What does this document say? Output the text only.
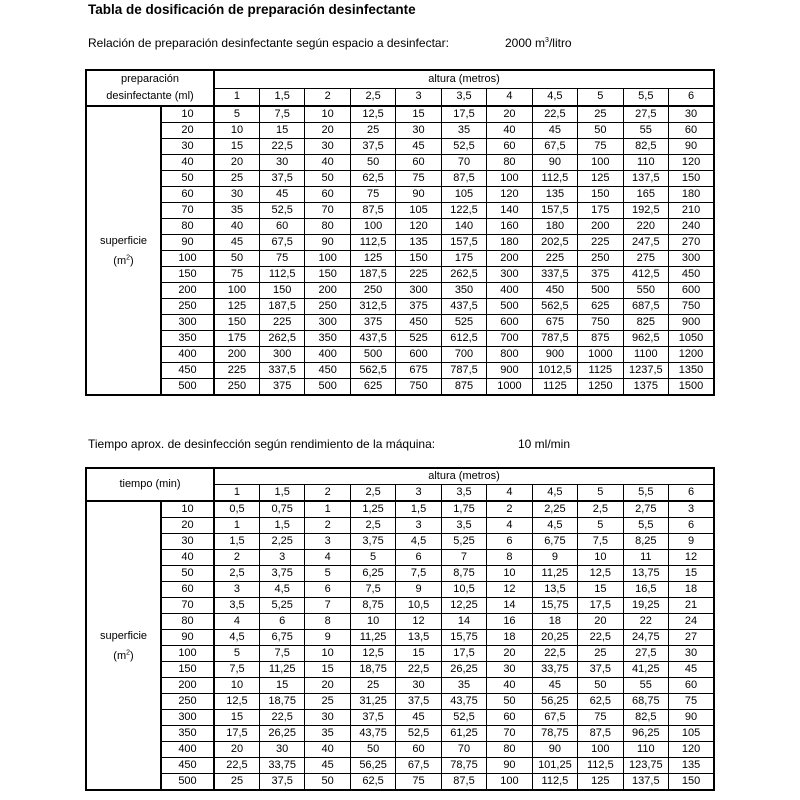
Tabla de dosificación de preparación desinfectante
Relación de preparación desinfectante según espacio a desinfectar:	2000 $m^3$/litro
preparación
desinfectante (ml)		altura (metros)										
		1	1,5	2	2,5	3	3,5	4	4,5	5	5,5	6

superficie
$(m^2)$	10	5	7,5	10	12,5	15	17,5	20	22,5	25	27,5	30
	20	10	15	20	25	30	35	40	45	50	55	60
	30	15	22,5	30	37,5	45	52,5	60	67,5	75	82,5	90
	40	20	30	40	50	60	70	80	90	100	110	120
	50	25	37,5	50	62,5	75	87,5	100	112,5	125	137,5	150
	60	30	45	60	75	90	105	120	135	150	165	180
	70	35	52,5	70	87,5	105	122,5	140	157,5	175	192,5	210
	80	40	60	80	100	120	140	160	180	200	220	240
	90	45	67,5	90	112,5	135	157,5	180	202,5	225	247,5	270
	100	50	75	100	125	150	175	200	225	250	275	300
	150	75	112,5	150	187,5	225	262,5	300	337,5	375	412,5	450
	200	100	150	200	250	300	350	400	450	500	550	600
	250	125	187,5	250	312,5	375	437,5	500	562,5	625	687,5	750
	300	150	225	300	375	450	525	600	675	750	825	900
	350	175	262,5	350	437,5	525	612,5	700	787,5	875	962,5	1050
	400	200	300	400	500	600	700	800	900	1000	1100	1200
	450	225	337,5	450	562,5	675	787,5	900	1012,5	1125	1237,5	1350
	500	250	375	500	625	750	875	1000	1125	1250	1375	1500
Tiempo aprox. de desinfección según rendimiento de la máquina:	10 ml/min
tiempo (min)		altura (metros)										
		1	1,5	2	2,5	3	3,5	4	4,5	5	5,5	6

superficie
$(m^2)$	10	0,5	0,75	1	1,25	1,5	1,75	2	2,25	2,5	2,75	3
	20	1	1,5	2	2,5	3	3,5	4	4,5	5	5,5	6
	30	1,5	2,25	3	3,75	4,5	5,25	6	6,75	7,5	8,25	9
	40	2	3	4	5	6	7	8	9	10	11	12
	50	2,5	3,75	5	6,25	7,5	8,75	10	11,25	12,5	13,75	15
	60	3	4,5	6	7,5	9	10,5	12	13,5	15	16,5	18
	70	3,5	5,25	7	8,75	10,5	12,25	14	15,75	17,5	19,25	21
	80	4	6	8	10	12	14	16	18	20	22	24
	90	4,5	6,75	9	11,25	13,5	15,75	18	20,25	22,5	24,75	27
	100	5	7,5	10	12,5	15	17,5	20	22,5	25	27,5	30
	150	7,5	11,25	15	18,75	22,5	26,25	30	33,75	37,5	41,25	45
	200	10	15	20	25	30	35	40	45	50	55	60
	250	12,5	18,75	25	31,25	37,5	43,75	50	56,25	62,5	68,75	75
	300	15	22,5	30	37,5	45	52,5	60	67,5	75	82,5	90
	350	17,5	26,25	35	43,75	52,5	61,25	70	78,75	87,5	96,25	105
	400	20	30	40	50	60	70	80	90	100	110	120
	450	22,5	33,75	45	56,25	67,5	78,75	90	101,25	112,5	123,75	135
	500	25	37,5	50	62,5	75	87,5	100	112,5	125	137,5	150
